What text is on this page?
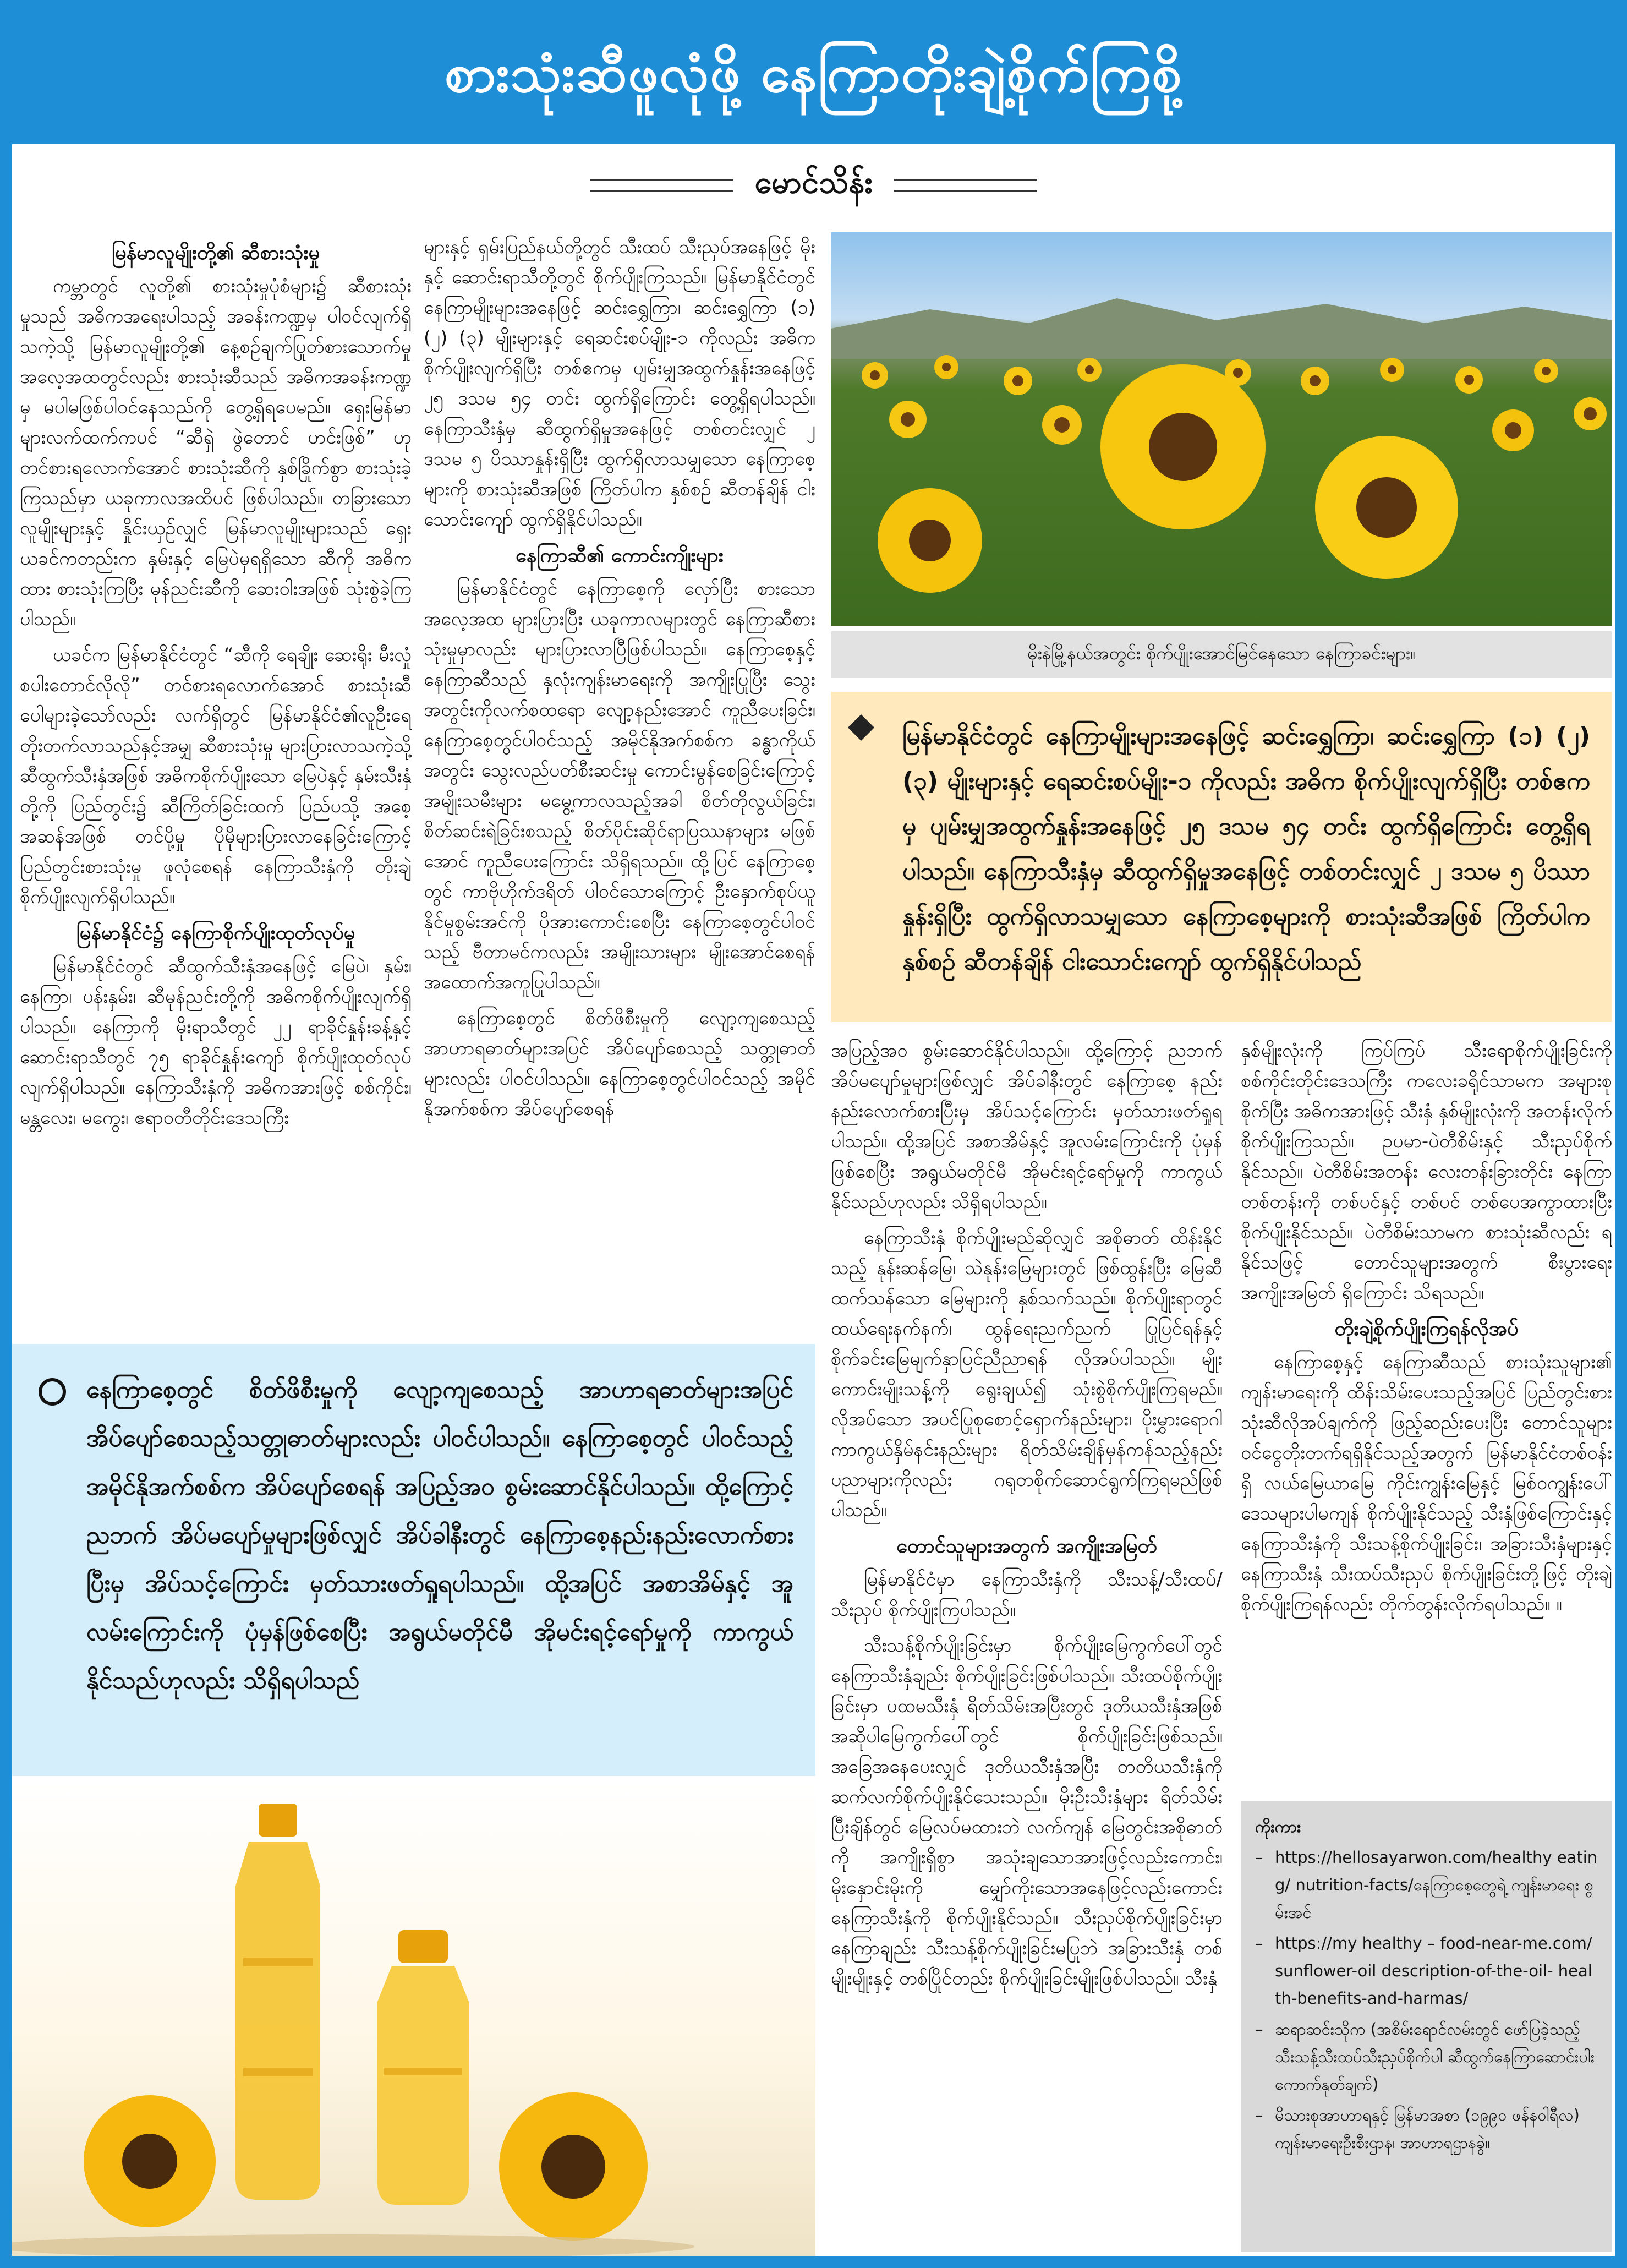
စားသုံးဆီဖူလုံဖို့ နေကြာတိုးချဲ့စိုက်ကြစို့
မောင်သိန်း
မြန်မာလူမျိုးတို့၏ ဆီစားသုံးမှု

ကမ္ဘာတွင် လူတို့၏ စားသုံးမှုပုံစံများ၌ ဆီစားသုံးမှုသည် အဓိကအရေးပါသည့် အခန်းကဏ္ဍမှ ပါဝင်လျက်ရှိသကဲ့သို့ မြန်မာလူမျိုးတို့၏ နေ့စဉ်ချက်ပြုတ်စားသောက်မှု အလေ့အထတွင်လည်း စားသုံးဆီသည် အဓိကအခန်းကဏ္ဍမှ မပါမဖြစ်ပါဝင်နေသည်ကို တွေ့ရှိရပေမည်။ ရှေးမြန်မာများလက်ထက်ကပင် “ဆီရှဲ ဖွဲတောင် ဟင်းဖြစ်” ဟု တင်စားရလောက်အောင် စားသုံးဆီကို နှစ်ခြိုက်စွာ စားသုံးခဲ့ကြသည်မှာ ယခုကာလအထိပင် ဖြစ်ပါသည်။ တခြားသော လူမျိုးများနှင့် နှိုင်းယှဉ်လျှင် မြန်မာလူမျိုးများသည် ရှေးယခင်ကတည်းက နှမ်းနှင့် မြေပဲမှရရှိသော ဆီကို အဓိကထား စားသုံးကြပြီး မုန်ညင်းဆီကို ဆေးဝါးအဖြစ် သုံးစွဲခဲ့ကြပါသည်။

ယခင်က မြန်မာနိုင်ငံတွင် “ဆီကို ရေချိုး ဆေးရိုး မီးလှုံ စပါးတောင်လိုလို” တင်စားရလောက်အောင် စားသုံးဆီ ပေါများခဲ့သော်လည်း လက်ရှိတွင် မြန်မာနိုင်ငံ၏လူဦးရေ တိုးတက်လာသည်နှင့်အမျှ ဆီစားသုံးမှု များပြားလာသကဲ့သို့ ဆီထွက်သီးနှံအဖြစ် အဓိကစိုက်ပျိုးသော မြေပဲနှင့် နှမ်းသီးနှံတို့ကို ပြည်တွင်း၌ ဆီကြိတ်ခြင်းထက် ပြည်ပသို့ အစေ့အဆန်အဖြစ် တင်ပို့မှု ပိုမိုများပြားလာနေခြင်းကြောင့် ပြည်တွင်းစားသုံးမှု ဖူလုံစေရန် နေကြာသီးနှံကို တိုးချဲ့စိုက်ပျိုးလျက်ရှိပါသည်။

မြန်မာနိုင်ငံ၌ နေကြာစိုက်ပျိုးထုတ်လုပ်မှု

မြန်မာနိုင်ငံတွင် ဆီထွက်သီးနှံအနေဖြင့် မြေပဲ၊ နှမ်း၊ နေကြာ၊ ပန်းနှမ်း၊ ဆီမုန်ညင်းတို့ကို အဓိကစိုက်ပျိုးလျက်ရှိပါသည်။ နေကြာကို မိုးရာသီတွင် ၂၂ ရာခိုင်နှုန်းခန့်နှင့် ဆောင်းရာသီတွင် ၇၅ ရာခိုင်နှုန်းကျော် စိုက်ပျိုးထုတ်လုပ်လျက်ရှိပါသည်။ နေကြာသီးနှံကို အဓိကအားဖြင့် စစ်ကိုင်း၊ မန္တလေး၊ မကွေး၊ ဧရာဝတီတိုင်းဒေသကြီး

များနှင့် ရှမ်းပြည်နယ်တို့တွင် သီးထပ် သီးညှပ်အနေဖြင့် မိုးနှင့် ဆောင်းရာသီတို့တွင် စိုက်ပျိုးကြသည်။ မြန်မာနိုင်ငံတွင် နေကြာမျိုးများအနေဖြင့် ဆင်းရွှေကြာ၊ ဆင်းရွှေကြာ (၁) (၂) (၃) မျိုးများနှင့် ရေဆင်းစပ်မျိုး-၁ ကိုလည်း အဓိက စိုက်ပျိုးလျက်ရှိပြီး တစ်ဧကမှ ပျမ်းမျှအထွက်နှုန်းအနေဖြင့် ၂၅ ဒသမ ၅၄ တင်း ထွက်ရှိကြောင်း တွေ့ရှိရပါသည်။ နေကြာသီးနှံမှ ဆီထွက်ရှိမှုအနေဖြင့် တစ်တင်းလျှင် ၂ ဒသမ ၅ ပိဿာနှုန်းရှိပြီး ထွက်ရှိလာသမျှသော နေကြာစေ့များကို စားသုံးဆီအဖြစ် ကြိတ်ပါက နှစ်စဉ် ဆီတန်ချိန် ငါးသောင်းကျော် ထွက်ရှိနိုင်ပါသည်။

နေကြာဆီ၏ ကောင်းကျိုးများ

မြန်မာနိုင်ငံတွင် နေကြာစေ့ကို လှော်ပြီး စားသော အလေ့အထ များပြားပြီး ယခုကာလများတွင် နေကြာဆီစားသုံးမှုမှာလည်း များပြားလာပြီဖြစ်ပါသည်။ နေကြာစေ့နှင့် နေကြာဆီသည် နှလုံးကျန်းမာရေးကို အကျိုးပြုပြီး သွေးအတွင်းကိုလက်စထရော လျော့နည်းအောင် ကူညီပေးခြင်း၊ နေကြာစေ့တွင်ပါဝင်သည့် အမိုင်နိုအက်စစ်က ခန္ဓာကိုယ်အတွင်း သွေးလည်ပတ်စီးဆင်းမှု ကောင်းမွန်စေခြင်းကြောင့် အမျိုးသမီးများ မမွေ့ကာလသည့်အခါ စိတ်တိုလွယ်ခြင်း၊ စိတ်ဆင်းရဲခြင်းစသည့် စိတ်ပိုင်းဆိုင်ရာပြဿနာများ မဖြစ်အောင် ကူညီပေးကြောင်း သိရှိရသည်။ ထို့ပြင် နေကြာစေ့တွင် ကာဗိုဟိုက်ဒရိတ် ပါဝင်သောကြောင့် ဦးနှောက်စုပ်ယူနိုင်မှုစွမ်းအင်ကို ပိုအားကောင်းစေပြီး နေကြာစေ့တွင်ပါဝင်သည့် ဗီတာမင်ကလည်း အမျိုးသားများ မျိုးအောင်စေရန် အထောက်အကူပြုပါသည်။

နေကြာစေ့တွင် စိတ်ဖိစီးမှုကို လျော့ကျစေသည့် အာဟာရဓာတ်များအပြင် အိပ်ပျော်စေသည့် သတ္တုဓာတ်များလည်း ပါဝင်ပါသည်။ နေကြာစေ့တွင်ပါဝင်သည့် အမိုင်နိုအက်စစ်က အိပ်ပျော်စေရန်

မိုးနဲမြို့နယ်အတွင်း စိုက်ပျိုးအောင်မြင်နေသော နေကြာခင်းများ။
မြန်မာနိုင်ငံတွင် နေကြာမျိုးများအနေဖြင့် ဆင်းရွှေကြာ၊ ဆင်းရွှေကြာ (၁) (၂) (၃) မျိုးများနှင့် ရေဆင်းစပ်မျိုး-၁ ကိုလည်း အဓိက စိုက်ပျိုးလျက်ရှိပြီး တစ်ဧကမှ ပျမ်းမျှအထွက်နှုန်းအနေဖြင့် ၂၅ ဒသမ ၅၄ တင်း ထွက်ရှိကြောင်း တွေ့ရှိရပါသည်။ နေကြာသီးနှံမှ ဆီထွက်ရှိမှုအနေဖြင့် တစ်တင်းလျှင် ၂ ဒသမ ၅ ပိဿာနှုန်းရှိပြီး ထွက်ရှိလာသမျှသော နေကြာစေ့များကို စားသုံးဆီအဖြစ် ကြိတ်ပါက နှစ်စဉ် ဆီတန်ချိန် ငါးသောင်းကျော် ထွက်ရှိနိုင်ပါသည်

အပြည့်အဝ စွမ်းဆောင်နိုင်ပါသည်။ ထို့ကြောင့် ညဘက် အိပ်မပျော်မှုများဖြစ်လျှင် အိပ်ခါနီးတွင် နေကြာစေ့ နည်းနည်းလောက်စားပြီးမှ အိပ်သင့်ကြောင်း မှတ်သားဖတ်ရှုရပါသည်။ ထို့အပြင် အစာအိမ်နှင့် အူလမ်းကြောင်းကို ပုံမှန်ဖြစ်စေပြီး အရွယ်မတိုင်မီ အိုမင်းရင့်ရော်မှုကို ကာကွယ်နိုင်သည်ဟုလည်း သိရှိရပါသည်။

နေကြာသီးနှံ စိုက်ပျိုးမည်ဆိုလျှင် အစိုဓာတ် ထိန်းနိုင်သည့် နုန်းဆန်မြေ၊ သဲနုန်းမြေများတွင် ဖြစ်ထွန်းပြီး မြေဆီထက်သန်သော မြေများကို နှစ်သက်သည်။ စိုက်ပျိုးရာတွင် ထယ်ရေးနက်နက်၊ ထွန်ရေးညက်ညက် ပြုပြင်ရန်နှင့် စိုက်ခင်းမြေမျက်နှာပြင်ညီညာရန် လိုအပ်ပါသည်။ မျိုးကောင်းမျိုးသန့်ကို ရွေးချယ်၍ သုံးစွဲစိုက်ပျိုးကြရမည်။ လိုအပ်သော အပင်ပြုစုစောင့်ရှောက်နည်းများ၊ ပိုးမွှားရောဂါကာကွယ်နှိမ်နင်းနည်းများ ရိတ်သိမ်းချိန်မှန်ကန်သည့်နည်းပညာများကိုလည်း ဂရုတစိုက်ဆောင်ရွက်ကြရမည်ဖြစ်ပါသည်။

တောင်သူများအတွက် အကျိုးအမြတ်

မြန်မာနိုင်ငံမှာ နေကြာသီးနှံကို သီးသန့်/သီးထပ်/သီးညှပ် စိုက်ပျိုးကြပါသည်။

သီးသန့်စိုက်ပျိုးခြင်းမှာ စိုက်ပျိုးမြေကွက်ပေါ်တွင် နေကြာသီးနှံချည်း စိုက်ပျိုးခြင်းဖြစ်ပါသည်။ သီးထပ်စိုက်ပျိုးခြင်းမှာ ပထမသီးနှံ ရိတ်သိမ်းအပြီးတွင် ဒုတိယသီးနှံအဖြစ် အဆိုပါမြေကွက်ပေါ်တွင် စိုက်ပျိုးခြင်းဖြစ်သည်။ အခြေအနေပေးလျှင် ဒုတိယသီးနှံအပြီး တတိယသီးနှံကို ဆက်လက်စိုက်ပျိုးနိုင်သေးသည်။ မိုးဦးသီးနှံများ ရိတ်သိမ်းပြီးချိန်တွင် မြေလပ်မထားဘဲ လက်ကျန် မြေတွင်းအစိုဓာတ်ကို အကျိုးရှိစွာ အသုံးချသောအားဖြင့်လည်းကောင်း၊ မိုးနှောင်းမိုးကို မျှော်ကိုးသောအနေဖြင့်လည်းကောင်း နေကြာသီးနှံကို စိုက်ပျိုးနိုင်သည်။ သီးညှပ်စိုက်ပျိုးခြင်းမှာ နေကြာချည်း သီးသန့်စိုက်ပျိုးခြင်းမပြုဘဲ အခြားသီးနှံ တစ်မျိုးမျိုးနှင့် တစ်ပြိုင်တည်း စိုက်ပျိုးခြင်းမျိုးဖြစ်ပါသည်။ သီးနှံ

နှစ်မျိုးလုံးကို ကြပ်ကြပ် သီးရောစိုက်ပျိုးခြင်းကို စစ်ကိုင်းတိုင်းဒေသကြီး ကလေးခရိုင်သာမက အများစုစိုက်ပြီး အဓိကအားဖြင့် သီးနှံ နှစ်မျိုးလုံးကို အတန်းလိုက် စိုက်ပျိုးကြသည်။ ဉပမာ-ပဲတီစိမ်းနှင့် သီးညှပ်စိုက်နိုင်သည်။ ပဲတီစိမ်းအတန်း လေးတန်းခြားတိုင်း နေကြာတစ်တန်းကို တစ်ပင်နှင့် တစ်ပင် တစ်ပေအကွာထားပြီး စိုက်ပျိုးနိုင်သည်။ ပဲတီစိမ်းသာမက စားသုံးဆီလည်း ရနိုင်သဖြင့် တောင်သူများအတွက် စီးပွားရေးအကျိုးအမြတ် ရှိကြောင်း သိရသည်။

တိုးချဲ့စိုက်ပျိုးကြရန်လိုအပ်

နေကြာစေ့နှင့် နေကြာဆီသည် စားသုံးသူများ၏ ကျန်းမာရေးကို ထိန်းသိမ်းပေးသည့်အပြင် ပြည်တွင်းစားသုံးဆီလိုအပ်ချက်ကို ဖြည့်ဆည်းပေးပြီး တောင်သူများ ဝင်ငွေတိုးတက်ရရှိနိုင်သည့်အတွက် မြန်မာနိုင်ငံတစ်ဝန်းရှိ လယ်မြေယာမြေ ကိုင်းကျွန်းမြေနှင့် မြစ်ဝကျွန်းပေါ်ဒေသများပါမကျန် စိုက်ပျိုးနိုင်သည့် သီးနှံဖြစ်ကြောင်းနှင့် နေကြာသီးနှံကို သီးသန့်စိုက်ပျိုးခြင်း၊ အခြားသီးနှံများနှင့် နေကြာသီးနှံ သီးထပ်သီးညှပ် စိုက်ပျိုးခြင်းတို့ဖြင့် တိုးချဲ့စိုက်ပျိုးကြရန်လည်း တိုက်တွန်းလိုက်ရပါသည်။ ။

နေကြာစေ့တွင် စိတ်ဖိစီးမှုကို လျော့ကျစေသည့် အာဟာရဓာတ်များအပြင် အိပ်ပျော်စေသည့်သတ္တုဓာတ်များလည်း ပါဝင်ပါသည်။ နေကြာစေ့တွင် ပါဝင်သည့် အမိုင်နိုအက်စစ်က အိပ်ပျော်စေရန် အပြည့်အဝ စွမ်းဆောင်နိုင်ပါသည်။ ထို့ကြောင့် ညဘက် အိပ်မပျော်မှုများဖြစ်လျှင် အိပ်ခါနီးတွင် နေကြာစေ့နည်းနည်းလောက်စားပြီးမှ အိပ်သင့်ကြောင်း မှတ်သားဖတ်ရှုရပါသည်။ ထို့အပြင် အစာအိမ်နှင့် အူလမ်းကြောင်းကို ပုံမှန်ဖြစ်စေပြီး အရွယ်မတိုင်မီ အိုမင်းရင့်ရော်မှုကို ကာကွယ်နိုင်သည်ဟုလည်း သိရှိရပါသည်
ကိုးကား
– https://hellosayarwon.com/healthy eating/ nutrition-facts/နေကြာစေ့တွေရဲ့ ကျန်းမာရေး စွမ်းအင်
– https://my healthy – food-near-me.com/ sunflower-oil description-of-the-oil- health-benefits-and-harmas/
– ဆရာဆင်းသိုက (အစိမ်းရောင်လမ်းတွင် ဖော်ပြခဲ့သည့် သီးသန့်သီးထပ်သီးညှပ်စိုက်ပါ ဆီထွက်နေကြာဆောင်းပါး ကောက်နုတ်ချက်)
– မိသားစုအာဟာရနှင့် မြန်မာအစာ (၁၉၉၀ ဖန်နဝါရီလ) ကျန်းမာရေးဦးစီးဌာန၊ အာဟာရဌာနခွဲ။
